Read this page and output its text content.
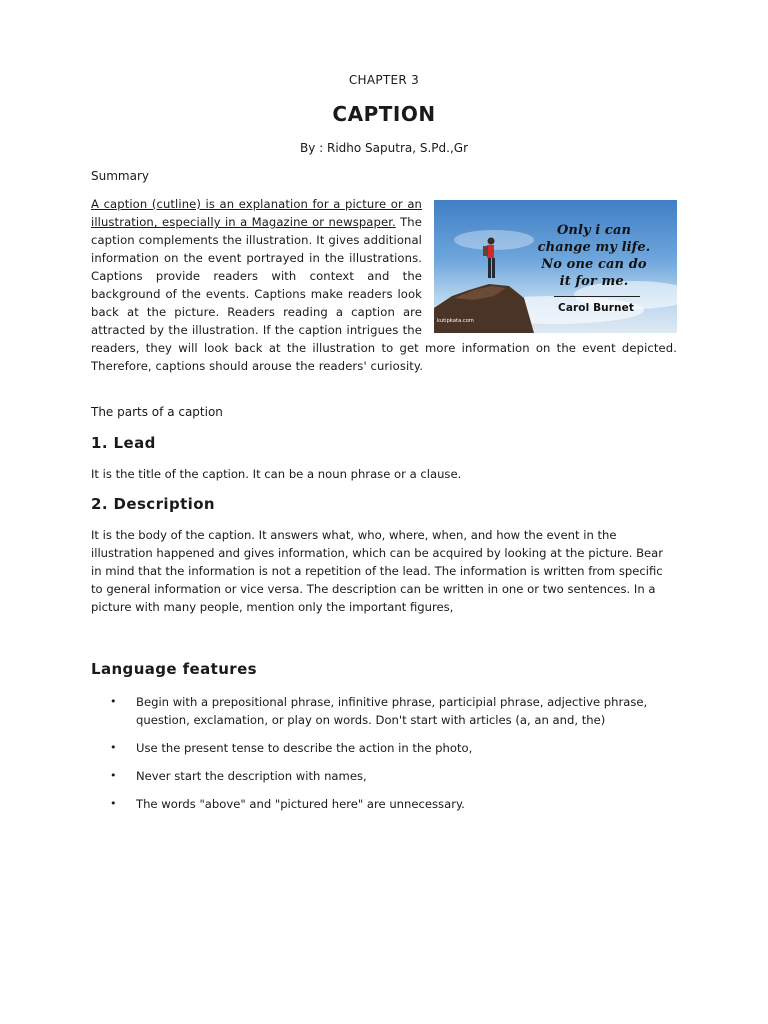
CHAPTER 3
CAPTION
By : Ridho Saputra, S.Pd.,Gr
Summary
Only i can change my life. No one can do it for me.
Carol Burnet
kutipkata.com
A caption (cutline) is an explanation for a picture or an illustration, especially in a Magazine or newspaper. The caption complements the illustration. It gives additional information on the event portrayed in the illustrations. Captions provide readers with context and the background of the events. Captions make readers look back at the picture. Readers reading a caption are attracted by the illustration. If the caption intrigues the readers, they will look back at the illustration to get more information on the event depicted. Therefore, captions should arouse the readers' curiosity.
The parts of a caption
1. Lead
It is the title of the caption. It can be a noun phrase or a clause.
2. Description
It is the body of the caption. It answers what, who, where, when, and how the event in the illustration happened and gives information, which can be acquired by looking at the picture. Bear in mind that the information is not a repetition of the lead. The information is written from specific to general information or vice versa. The description can be written in one or two sentences. In a picture with many people, mention only the important figures,
Language features
• Begin with a prepositional phrase, infinitive phrase, participial phrase, adjective phrase, question, exclamation, or play on words. Don't start with articles (a, an and, the)
• Use the present tense to describe the action in the photo,
• Never start the description with names,
• The words "above" and "pictured here" are unnecessary.
